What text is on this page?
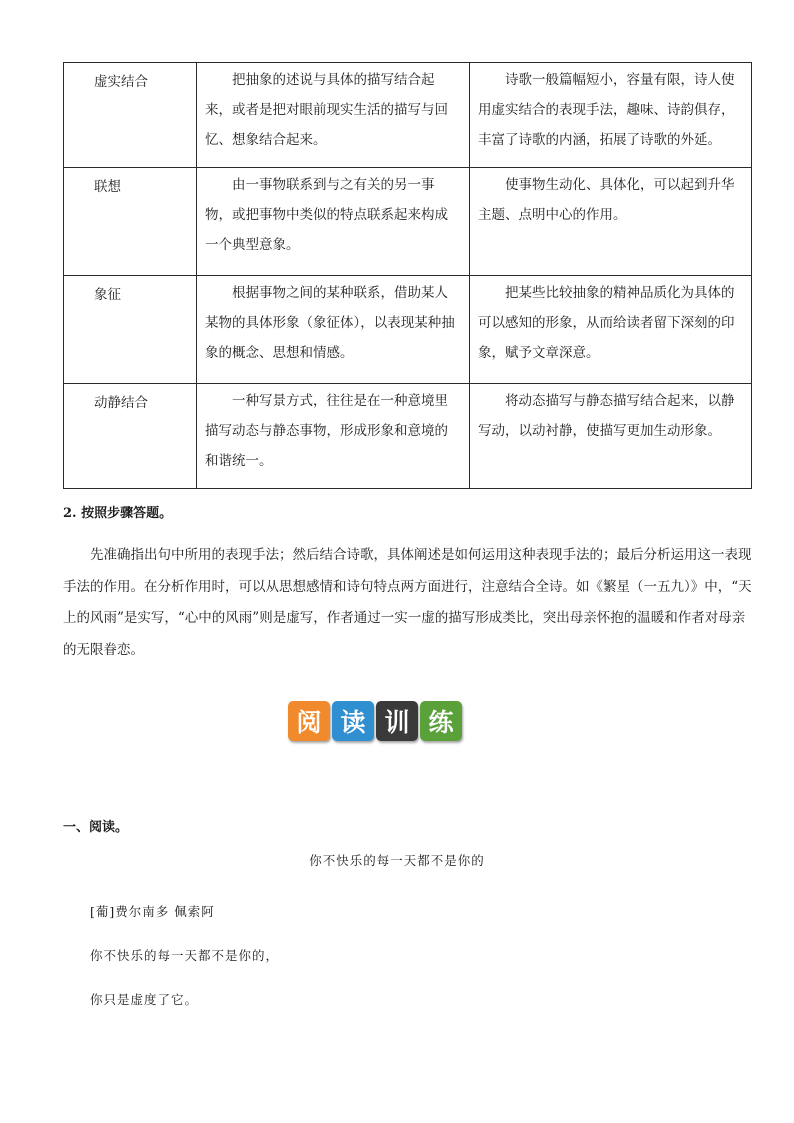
虚实结合	把抽象的述说与具体的描写结合起来，或者是把对眼前现实生活的描写与回忆、想象结合起来。	诗歌一般篇幅短小，容量有限，诗人使用虚实结合的表现手法，趣味、诗韵俱存，丰富了诗歌的内涵，拓展了诗歌的外延。
联想	由一事物联系到与之有关的另一事物，或把事物中类似的特点联系起来构成一个典型意象。	使事物生动化、具体化，可以起到升华主题、点明中心的作用。
象征	根据事物之间的某种联系，借助某人某物的具体形象（象征体），以表现某种抽象的概念、思想和情感。	把某些比较抽象的精神品质化为具体的可以感知的形象，从而给读者留下深刻的印象，赋予文章深意。
动静结合	一种写景方式，往往是在一种意境里描写动态与静态事物，形成形象和意境的和谐统一。	将动态描写与静态描写结合起来，以静写动，以动衬静，使描写更加生动形象。
2. 按照步骤答题。

先准确指出句中所用的表现手法；然后结合诗歌，具体阐述是如何运用这种表现手法的；最后分析运用这一表现手法的作用。在分析作用时，可以从思想感情和诗句特点两方面进行，注意结合全诗。如《繁星（一五九）》中，“天上的风雨”是实写，“心中的风雨”则是虚写，作者通过一实一虚的描写形成类比，突出母亲怀抱的温暖和作者对母亲的无限眷恋。

阅 读 训 练
一、阅读。
你不快乐的每一天都不是你的
[葡]费尔南多 佩索阿
你不快乐的每一天都不是你的，
你只是虚度了它。
